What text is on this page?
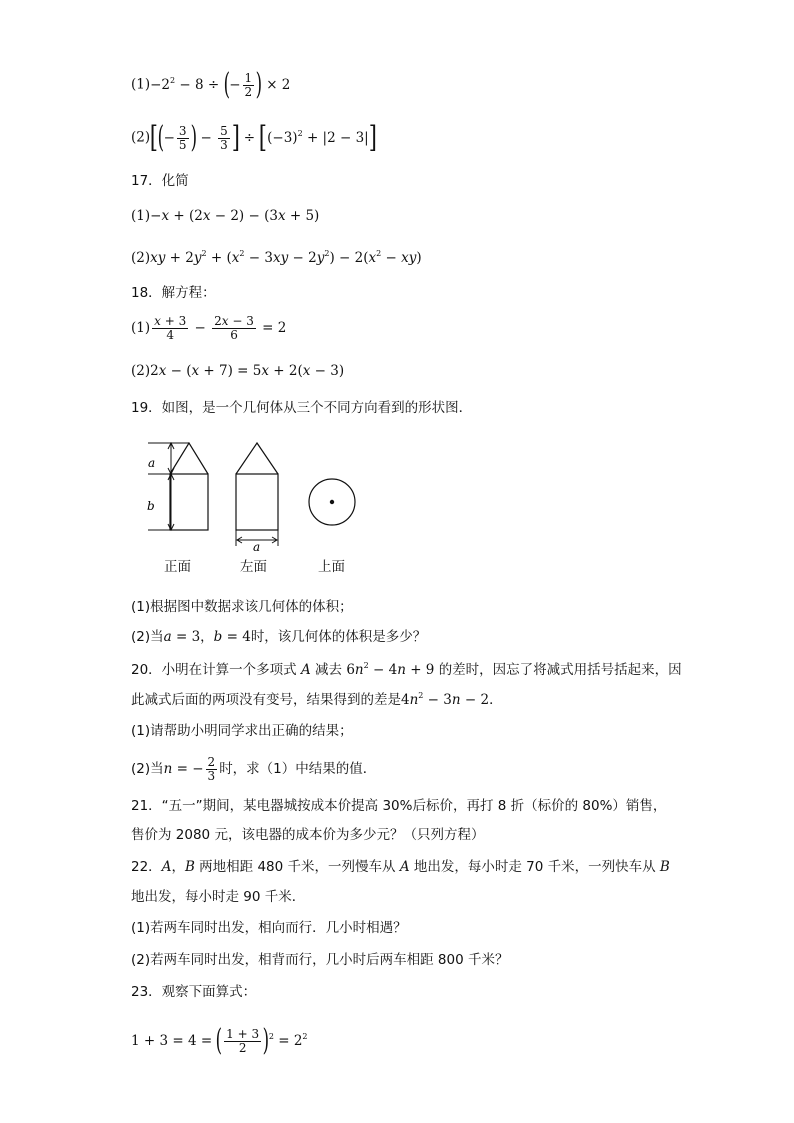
$(1)-2^2 - 8$ ÷ (− $\frac{1}{2}$ ) × 2
$(2)[(- \frac{3}{5}$ ) − $\frac{5}{3}$ ] ÷ $[(-3)^2 + |2 - 3|]$
17．化简
(1)−x + (2x − 2) − (3x + 5)
$(2)xy + 2y^2 + (x^2 - 3xy - 2y^2) - 2(x^2 - xy)$
18．解方程：
$(1) \frac{x + 3}{4} - \frac{2x - 3}{6} = 2$
(2)2x − (x + 7) = 5x + 2(x − 3)
19．如图，是一个几何体从三个不同方向看到的形状图．
a
b
a
正面	左面	上面
(1)根据图中数据求该几何体的体积；
(2)当a = 3，b = 4时，该几何体的体积是多少？
20．小明在计算一个多项式 A 减去 $6n^2 - 4n + 9$ 的差时，因忘了将减式用括号括起来，因
此减式后面的两项没有变号，结果得到的差是$4n^2 - 3n - 2$．
(1)请帮助小明同学求出正确的结果；
(2)当n = − $\frac{2}{3}$ 时，求（1）中结果的值．
21．“五一”期间，某电器城按成本价提高 30%后标价，再打 8 折（标价的 80%）销售，
售价为 2080 元，该电器的成本价为多少元？（只列方程）
22．A，B 两地相距 480 千米，一列慢车从 A 地出发，每小时走 70 千米，一列快车从 B
地出发，每小时走 90 千米．
(1)若两车同时出发，相向而行．几小时相遇？
(2)若两车同时出发，相背而行，几小时后两车相距 800 千米？
23．观察下面算式：
1 + 3 = 4 = ( $\frac{1 + 3}{2} )^2 = 2^2$
